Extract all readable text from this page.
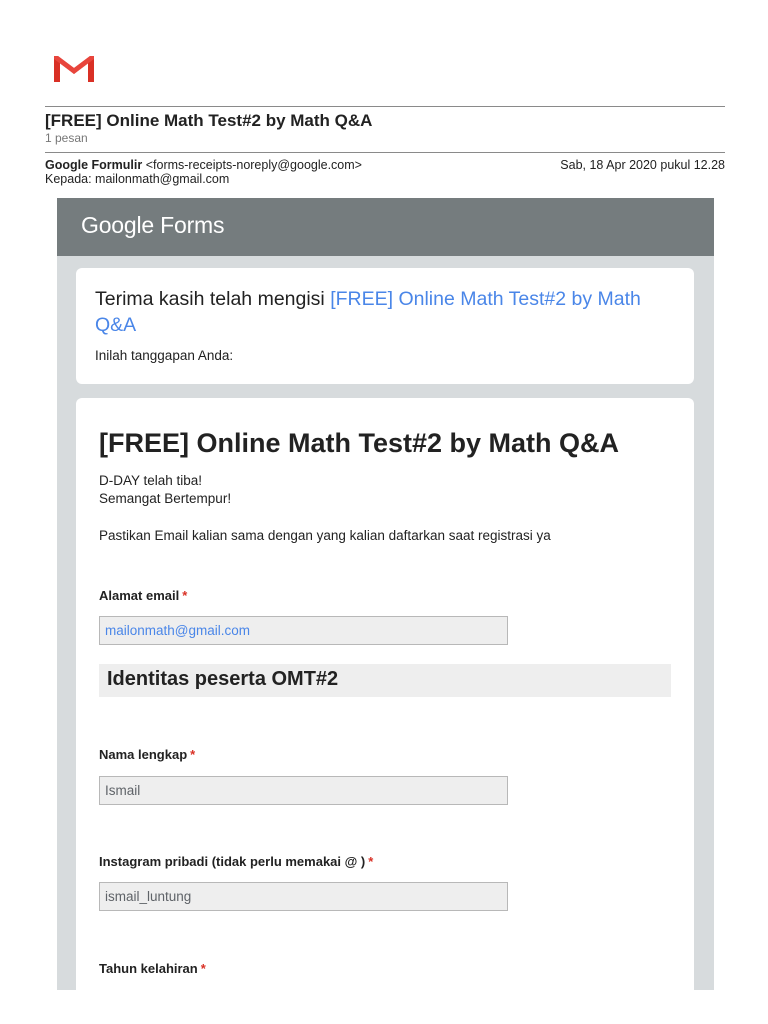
[FREE] Online Math Test#2 by Math Q&A
1 pesan
Google Formulir <forms-receipts-noreply@google.com>
Kepada: mailonmath@gmail.com
Sab, 18 Apr 2020 pukul 12.28
Google Forms
Terima kasih telah mengisi [FREE] Online Math Test#2 by Math Q&A
Inilah tanggapan Anda:
[FREE] Online Math Test#2 by Math Q&A
D-DAY telah tiba!
Semangat Bertempur!
Pastikan Email kalian sama dengan yang kalian daftarkan saat registrasi ya
Alamat email *
mailonmath@gmail.com
Identitas peserta OMT#2
Nama lengkap *
Ismail
Instagram pribadi (tidak perlu memakai @ ) *
ismail_luntung
Tahun kelahiran *
